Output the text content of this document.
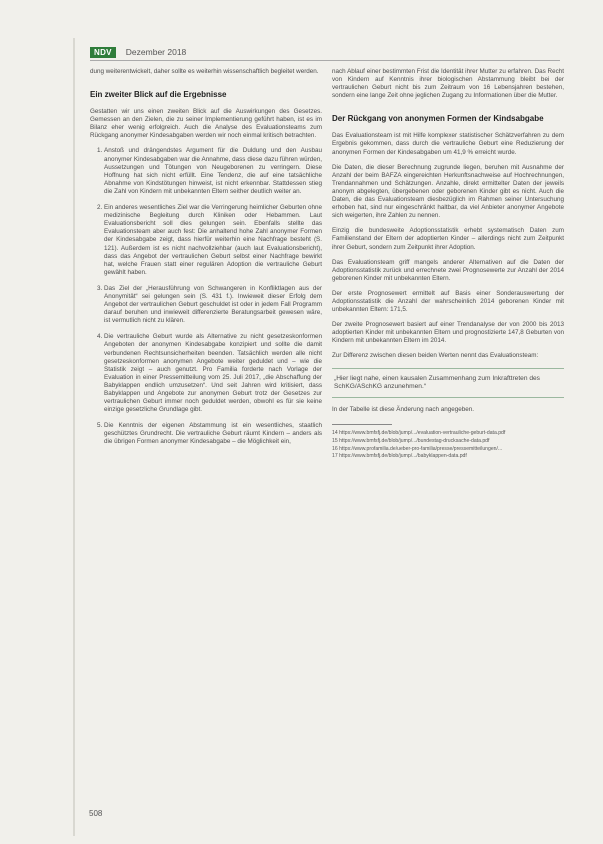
NDV	Dezember 2018

dung weiterentwickelt, daher sollte es weiterhin wissenschaftlich begleitet werden.

Ein zweiter Blick auf die Ergebnisse

Gestatten wir uns einen zweiten Blick auf die Auswirkungen des Gesetzes. Gemessen an den Zielen, die zu seiner Implementierung geführt haben, ist es im Bilanz eher wenig erfolgreich. Auch die Analyse des Evaluationsteams zum Rückgang anonymer Kindesabgaben werden wir noch einmal kritisch betrachten.

1. Anstoß und drängendstes Argument für die Duldung und den Ausbau anonymer Kindesabgaben war die Annahme, dass diese dazu führen würden, Aussetzungen und Tötungen von Neugeborenen zu verringern. Diese Hoffnung hat sich nicht erfüllt. Eine Tendenz, die auf eine tatsächliche Abnahme von Kindstötungen hinweist, ist nicht erkennbar. Stattdessen stieg die Zahl von Kindern mit unbekannten Eltern seither deutlich weiter an.
2. Ein anderes wesentliches Ziel war die Verringerung heimlicher Geburten ohne medizinische Begleitung durch Kliniken oder Hebammen. Laut Evaluationsbericht soll dies gelungen sein. Ebenfalls stellte das Evaluationsteam aber auch fest: Die anhaltend hohe Zahl anonymer Formen der Kindesabgabe zeigt, dass hierfür weiterhin eine Nachfrage besteht (S. 121). Außerdem ist es nicht nachvollziehbar (auch laut Evaluationsbericht), dass das Angebot der vertraulichen Geburt selbst einer Nachfrage bewirkt hat, welche Frauen statt einer regulären Adoption die vertrauliche Geburt gewählt haben.
3. Das Ziel der „Herausführung von Schwangeren in Konfliktlagen aus der Anonymität“ sei gelungen sein (S. 431 f.). Inwieweit dieser Erfolg dem Angebot der vertraulichen Geburt geschuldet ist oder in jedem Fall Programm darauf beruhen und inwieweit differenzierte Beratungsarbeit gewesen wäre, ist vermutlich nicht zu klären.
4. Die vertrauliche Geburt wurde als Alternative zu nicht gesetzeskonformen Angeboten der anonymen Kindesabgabe konzipiert und sollte die damit verbundenen Rechtsunsicherheiten beenden. Tatsächlich werden alle nicht gesetzeskonformen anonymen Angebote weiter geduldet und – wie die Statistik zeigt – auch genutzt. Pro Familia forderte nach Vorlage der Evaluation in einer Pressemitteilung vom 25. Juli 2017, „die Abschaffung der Babyklappen endlich umzusetzen“. Und seit Jahren wird kritisiert, dass Babyklappen und Angebote zur anonymen Geburt trotz der Gesetzes zur vertraulichen Geburt immer noch geduldet werden, obwohl es für sie keine einzige gesetzliche Grundlage gibt.
5. Die Kenntnis der eigenen Abstammung ist ein wesentliches, staatlich geschütztes Grundrecht. Die vertrauliche Geburt räumt Kindern – anders als die übrigen Formen anonymer Kindesabgabe – die Möglichkeit ein,

nach Ablauf einer bestimmten Frist die Identität ihrer Mutter zu erfahren. Das Recht von Kindern auf Kenntnis ihrer biologischen Abstammung bleibt bei der vertraulichen Geburt nicht bis zum Zeitraum von 16 Lebensjahren bestehen, sondern eine lange Zeit ohne jeglichen Zugang zu Informationen über die Mutter.

Der Rückgang von anonymen Formen der Kindsabgabe

Das Evaluationsteam ist mit Hilfe komplexer statistischer Schätzverfahren zu dem Ergebnis gekommen, dass durch die vertrauliche Geburt eine Reduzierung der anonymen Formen der Kindesabgaben um 41,9 % erreicht wurde.

Die Daten, die dieser Berechnung zugrunde liegen, beruhen mit Ausnahme der Anzahl der beim BAFZA eingereichten Herkunftsnachweise auf Hochrechnungen, Trendannahmen und Schätzungen. Anzahle, direkt ermittelter Daten der jeweils anonym abgelegten, übergebenen oder geborenen Kinder gibt es nicht. Auch die Daten, die das Evaluationsteam diesbezüglich im Rahmen seiner Untersuchung erhoben hat, sind nur eingeschränkt haltbar, da viel Anbieter anonymer Angebote sich weigerten, ihre Zahlen zu nennen.

Einzig die bundesweite Adoptionsstatistik erhebt systematisch Daten zum Familienstand der Eltern der adoptierten Kinder – allerdings nicht zum Zeitpunkt ihrer Geburt, sondern zum Zeitpunkt ihrer Adoption.

Das Evaluationsteam griff mangels anderer Alternativen auf die Daten der Adoptionsstatistik zurück und errechnete zwei Prognosewerte zur Anzahl der 2014 geborenen Kinder mit unbekannten Eltern.

Der erste Prognosewert ermittelt auf Basis einer Sonderauswertung der Adoptionsstatistik die Anzahl der wahrscheinlich 2014 geborenen Kinder mit unbekannten Eltern: 171,5.

Der zweite Prognosewert basiert auf einer Trendanalyse der von 2000 bis 2013 adoptierten Kinder mit unbekannten Eltern und prognostizierte 147,8 Geburten von Kindern mit unbekannten Eltern im 2014.

Zur Differenz zwischen diesen beiden Werten nennt das Evaluationsteam:

„Hier liegt nahe, einen kausalen Zusammenhang zum Inkrafttreten des SchKG/ASchKG anzunehmen.“

In der Tabelle ist diese Änderung nach angegeben.

14 https://www.bmfsfj.de/blob/jump/.../evaluation-vertrauliche-geburt-data.pdf
15 https://www.bmfsfj.de/blob/jump/.../bundestag-drucksache-data.pdf
16 https://www.profamilia.de/ueber-pro-familia/presse/pressemitteilungen/...
17 https://www.bmfsfj.de/blob/jump/.../babyklappen-data.pdf
508
